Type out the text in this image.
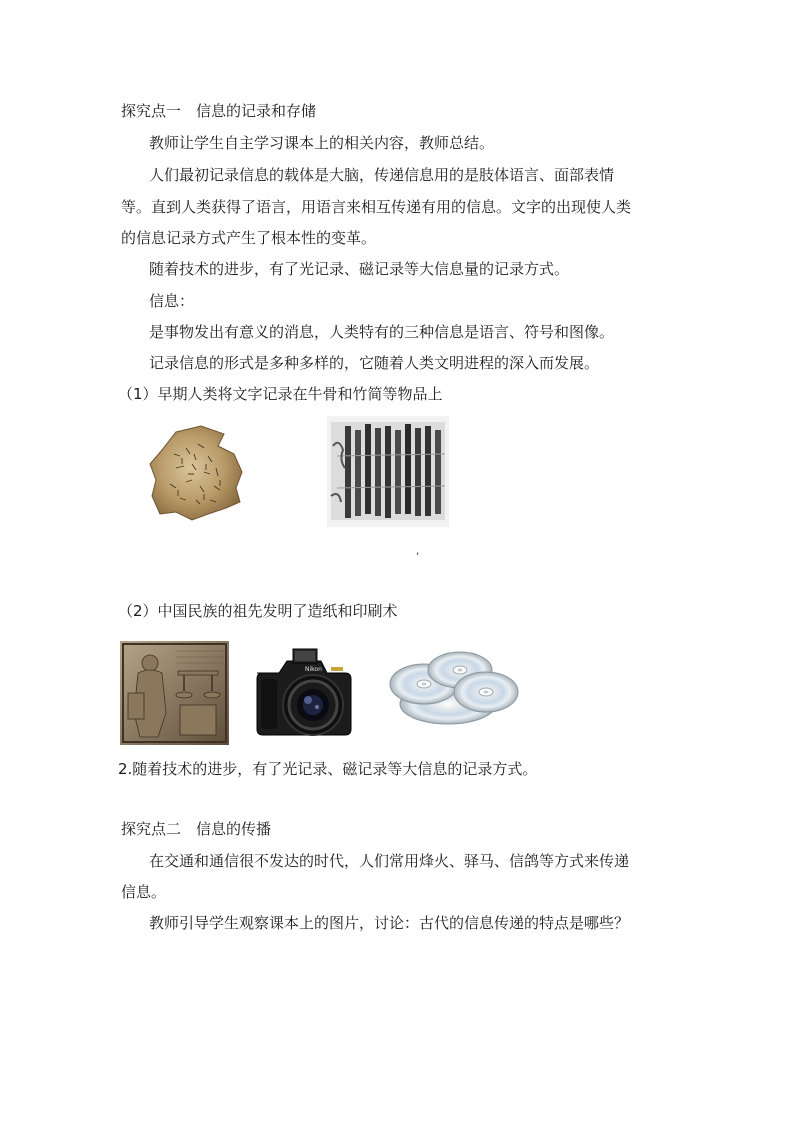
探究点一　信息的记录和存储
教师让学生自主学习课本上的相关内容，教师总结。
人们最初记录信息的载体是大脑，传递信息用的是肢体语言、面部表情
等。直到人类获得了语言，用语言来相互传递有用的信息。文字的出现使人类
的信息记录方式产生了根本性的变革。
随着技术的进步，有了光记录、磁记录等大信息量的记录方式。
信息：
是事物发出有意义的消息，人类特有的三种信息是语言、符号和图像。
记录信息的形式是多种多样的，它随着人类文明进程的深入而发展。
（1）早期人类将文字记录在牛骨和竹简等物品上
,
（2）中国民族的祖先发明了造纸和印刷术
Nikon
2.随着技术的进步，有了光记录、磁记录等大信息的记录方式。
探究点二　信息的传播
在交通和通信很不发达的时代，人们常用烽火、驿马、信鸽等方式来传递
信息。
教师引导学生观察课本上的图片，讨论：古代的信息传递的特点是哪些？
